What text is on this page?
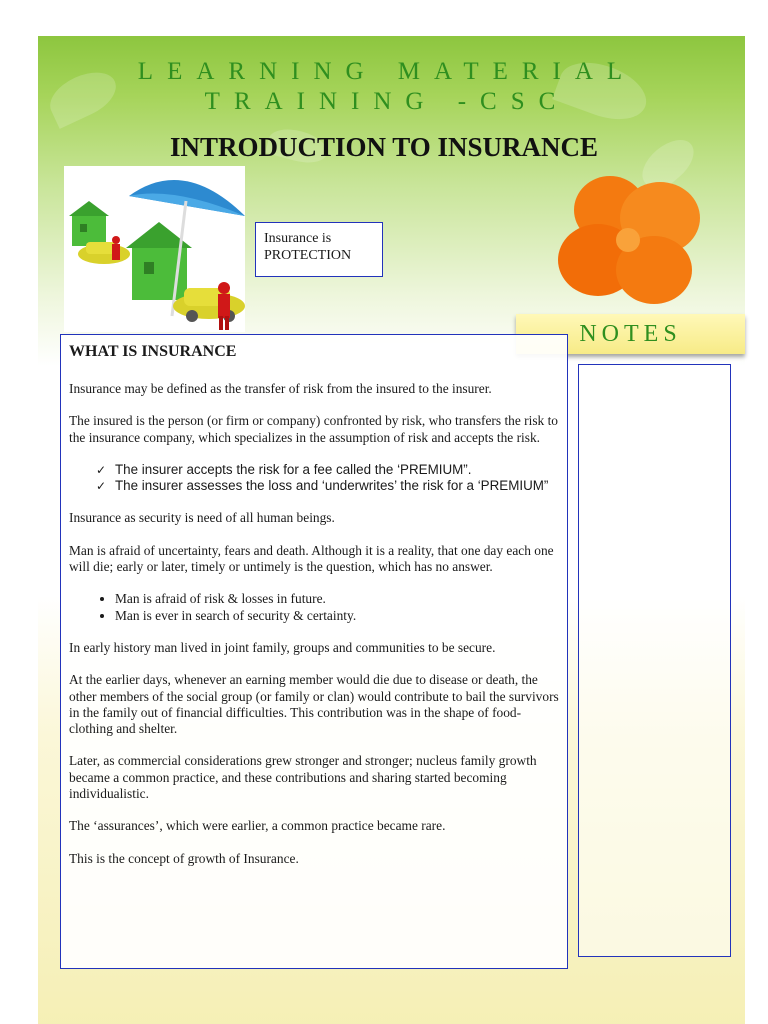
LEARNING MATERIAL
TRAINING -CSC
INTRODUCTION TO INSURANCE
Insurance is
PROTECTION
NOTES
WHAT IS INSURANCE

Insurance may be defined as the transfer of risk from the insured to the insurer.

The insured is the person (or firm or company) confronted by risk, who transfers the risk to the insurance company, which specializes in the assumption of risk and accepts the risk.

✓ The insurer accepts the risk for a fee called the ‘PREMIUM”.
✓ The insurer assesses the loss and ‘underwrites’ the risk for a ‘PREMIUM”

Insurance as security is need of all human beings.

Man is afraid of uncertainty, fears and death. Although it is a reality, that one day each one will die; early or later, timely or untimely is the question, which has no answer.

• Man is afraid of risk & losses in future.
• Man is ever in search of security & certainty.

In early history man lived in joint family, groups and communities to be secure.

At the earlier days, whenever an earning member would die due to disease or death, the other members of the social group (or family or clan) would contribute to bail the survivors in the family out of financial difficulties. This contribution was in the shape of food- clothing and shelter.

Later, as commercial considerations grew stronger and stronger; nucleus family growth became a common practice, and these contributions and sharing started becoming individualistic.

The ‘assurances’, which were earlier, a common practice became rare.

This is the concept of growth of Insurance.
